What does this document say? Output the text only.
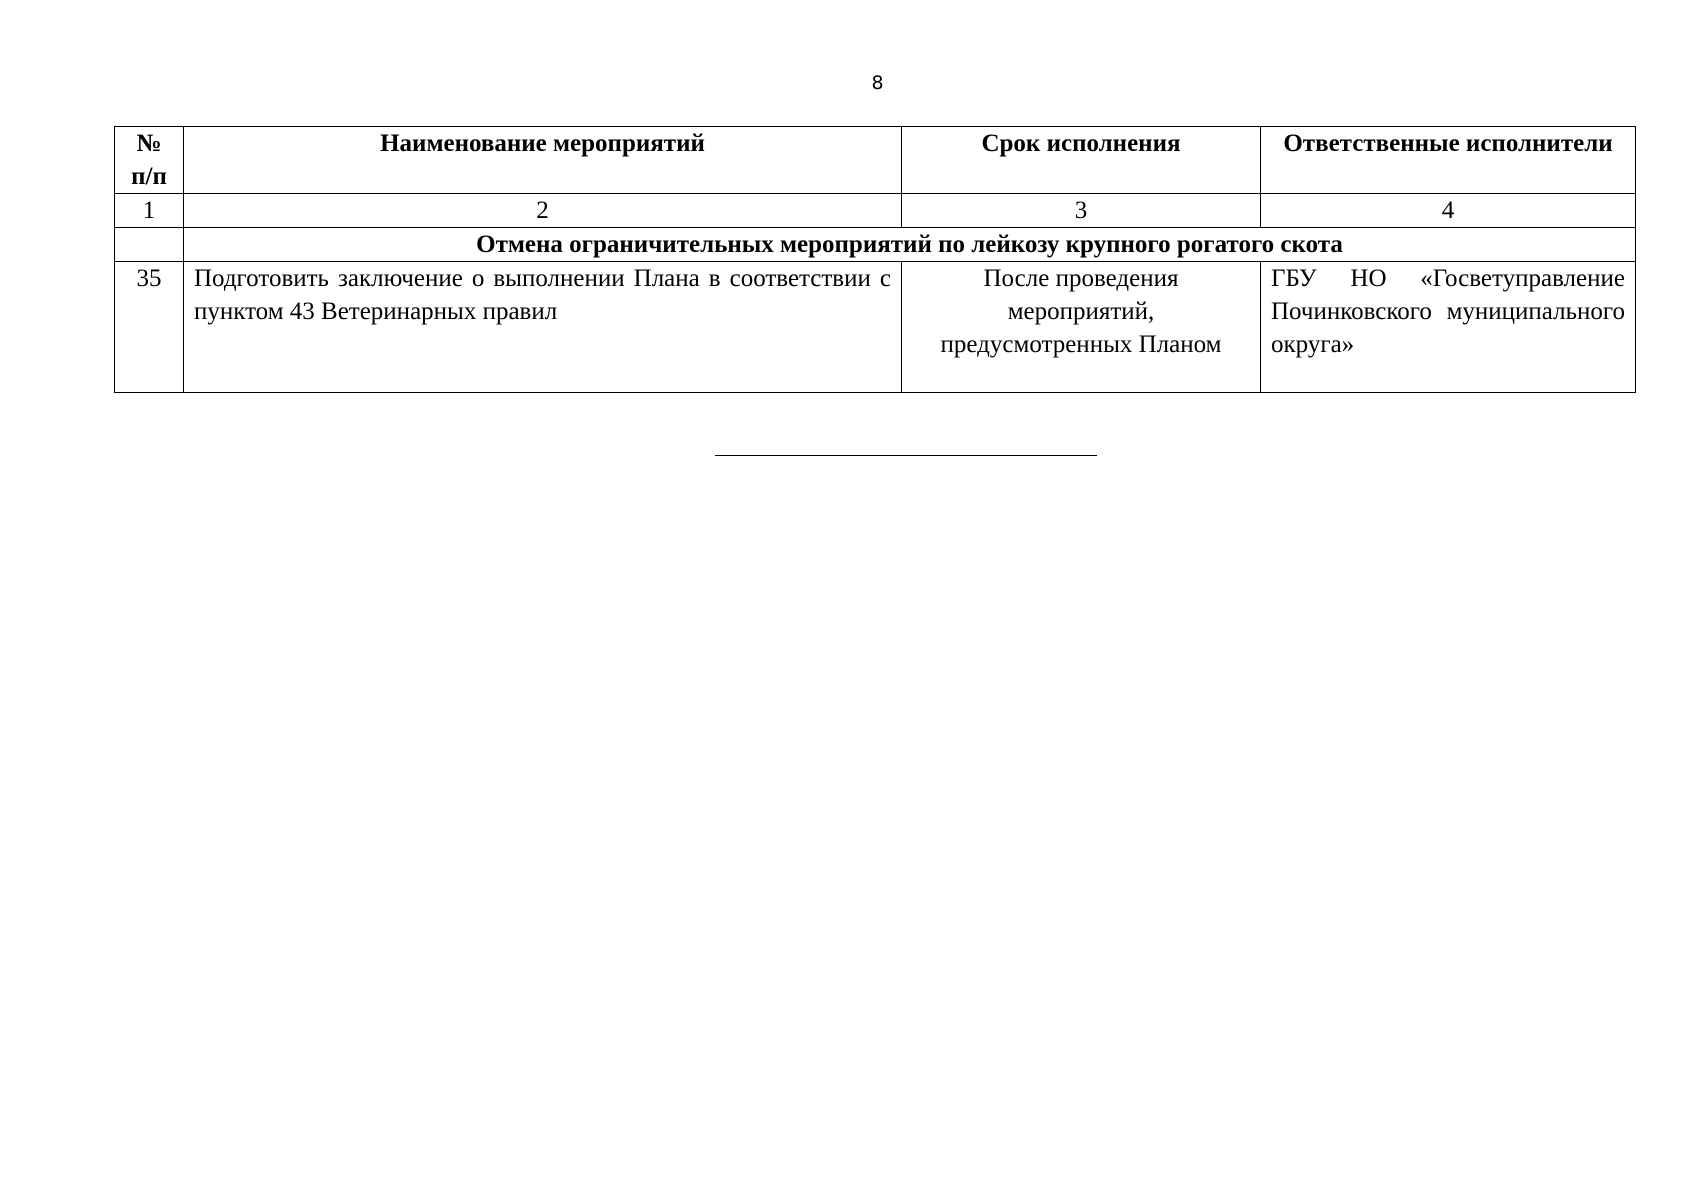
8
№ п/п	Наименование мероприятий	Срок исполнения	Ответственные исполнители
1	2	3	4
	Отмена ограничительных мероприятий по лейкозу крупного рогатого скота		
35	Подготовить заключение о выполнении Плана в соответствии с пунктом 43 Ветеринарных правил	После проведения мероприятий, предусмотренных Планом	ГБУ НО «Госветуправление Починковского муниципального округа»
